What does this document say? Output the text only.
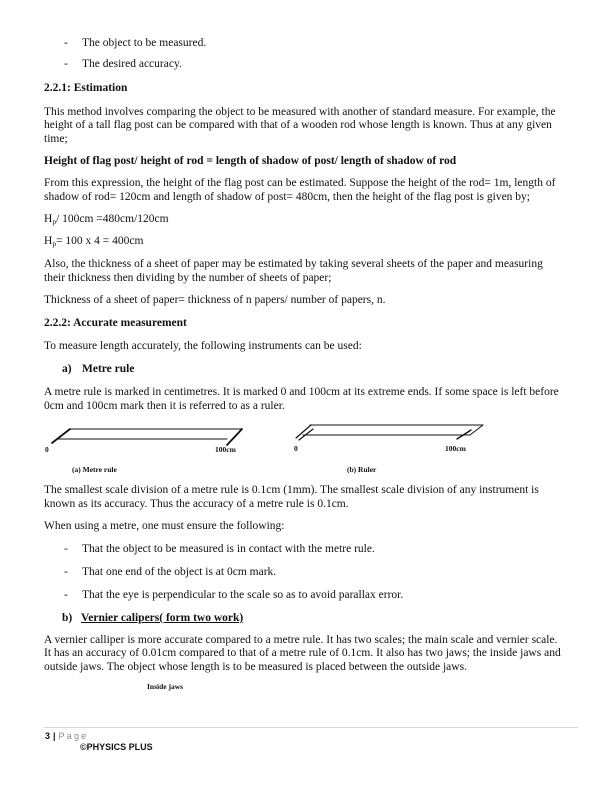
- The object to be measured.
- The desired accuracy.
2.2.1: Estimation
This method involves comparing the object to be measured with another of standard measure. For example, the
height of a tall flag post can be compared with that of a wooden rod whose length is known. Thus at any given
time;
Height of flag post/ height of rod = length of shadow of post/ length of shadow of rod
From this expression, the height of the flag post can be estimated. Suppose the height of the rod= 1m, length of
shadow of rod= 120cm and length of shadow of post= 480cm, then the height of the flag post is given by;
$H_p/$ 100cm =480cm/120cm
$H_p= 100$ x 4 = 400cm
Also, the thickness of a sheet of paper may be estimated by taking several sheets of the paper and measuring
their thickness then dividing by the number of sheets of paper;
Thickness of a sheet of paper= thickness of n papers/ number of papers, n.
2.2.2: Accurate measurement
To measure length accurately, the following instruments can be used:
a) Metre rule
A metre rule is marked in centimetres. It is marked 0 and 100cm at its extreme ends. If some space is left before
0cm and 100cm mark then it is referred to as a ruler.
0	100cm
(a) Metre rule
0	100cm
(b) Ruler
The smallest scale division of a metre rule is 0.1cm (1mm). The smallest scale division of any instrument is
known as its accuracy. Thus the accuracy of a metre rule is 0.1cm.
When using a metre, one must ensure the following:
- That the object to be measured is in contact with the metre rule.
- That one end of the object is at 0cm mark.
- That the eye is perpendicular to the scale so as to avoid parallax error.
b) Vernier calipers( form two work)
A vernier calliper is more accurate compared to a metre rule. It has two scales; the main scale and vernier scale.
It has an accuracy of 0.01cm compared to that of a metre rule of 0.1cm. It also has two jaws; the inside jaws and
outside jaws. The object whose length is to be measured is placed between the outside jaws.
Inside jaws
3 | Page
©PHYSICS PLUS
